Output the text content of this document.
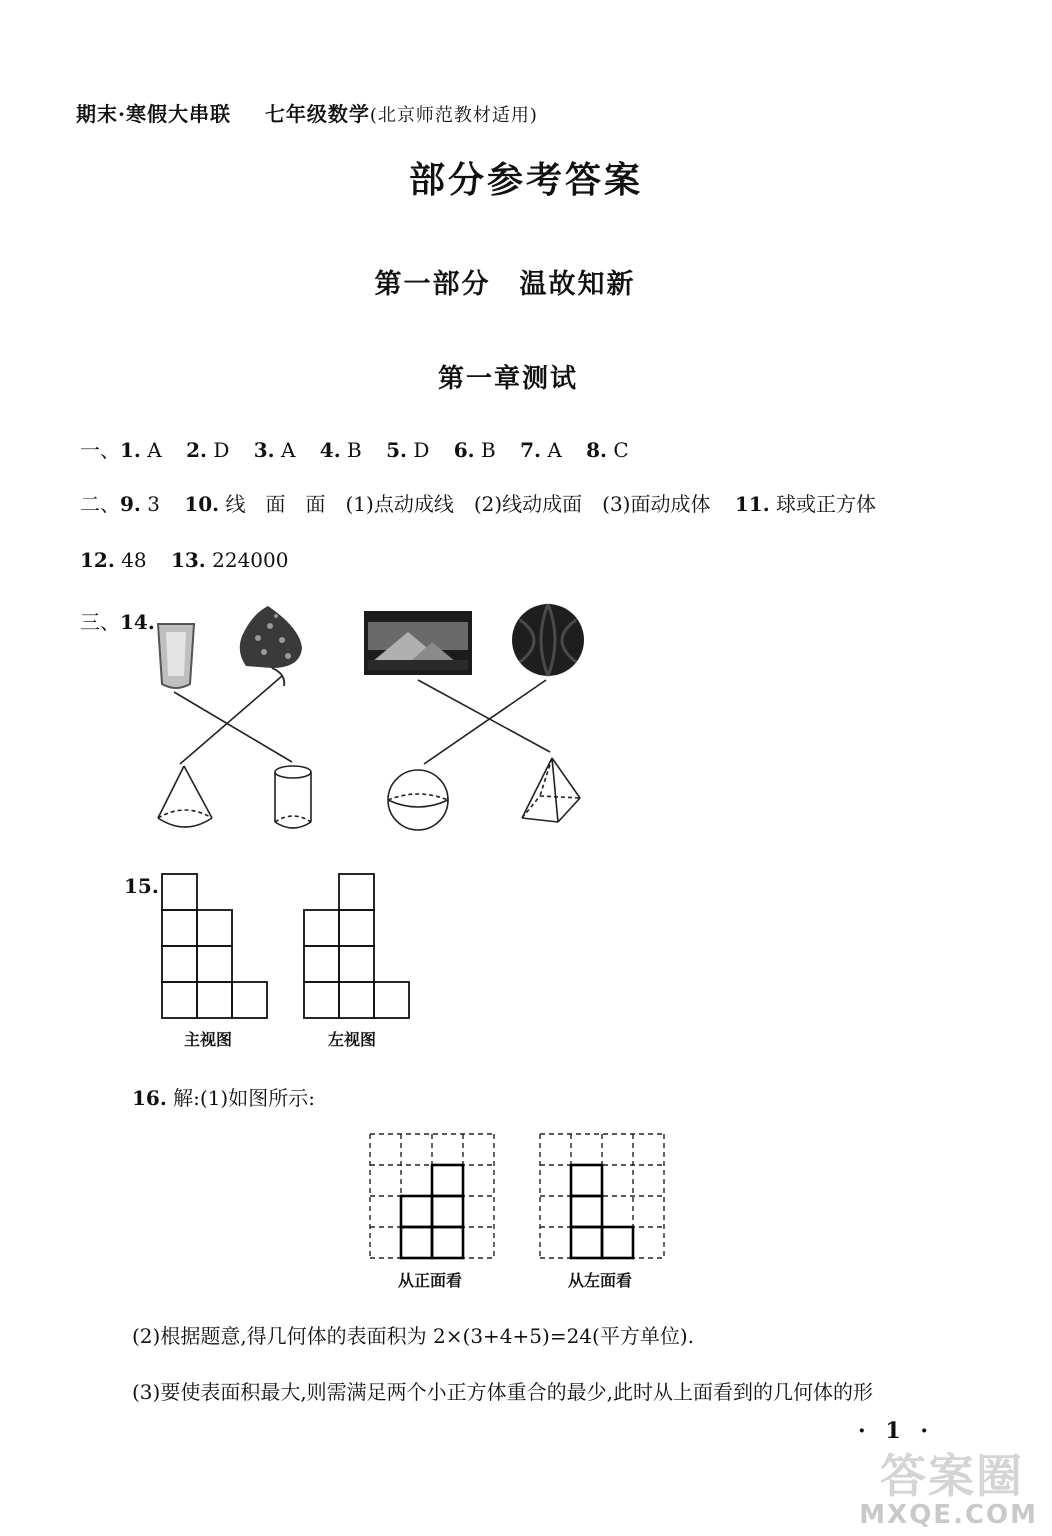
期末·寒假大串联 七年级数学(北京师范教材适用)
部分参考答案
第一部分　温故知新
第一章测试
一、1. A 2. D 3. A 4. B 5. D 6. B 7. A 8. C
二、9. 3 10. 线　面　面　(1)点动成线　(2)线动成面　(3)面动成体 11. 球或正方体
12. 48 13. 224000
三、14.
15.
主视图	左视图
16. 解:(1)如图所示:
从正面看	从左面看
(2)根据题意,得几何体的表面积为 2×(3+4+5)=24(平方单位).
(3)要使表面积最大,则需满足两个小正方体重合的最少,此时从上面看到的几何体的形
· 1 ·
答案圈
MXQE.COM
